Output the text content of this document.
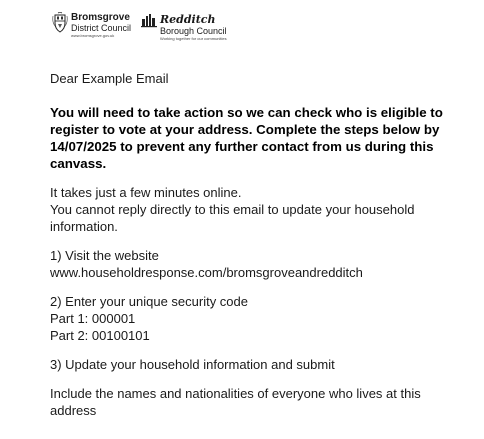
Bromsgrove
District Council
www.bromsgrove.gov.uk
Redditch
Borough Council
Working together for our communities

Dear Example Email

You will need to take action so we can check who is eligible to register to vote at your address. Complete the steps below by 14/07/2025 to prevent any further contact from us during this canvass.

It takes just a few minutes online.
You cannot reply directly to this email to update your household information.

1) Visit the website
www.householdresponse.com/bromsgroveandredditch

2) Enter your unique security code
Part 1: 000001
Part 2: 00100101

3) Update your household information and submit

Include the names and nationalities of everyone who lives at this address
